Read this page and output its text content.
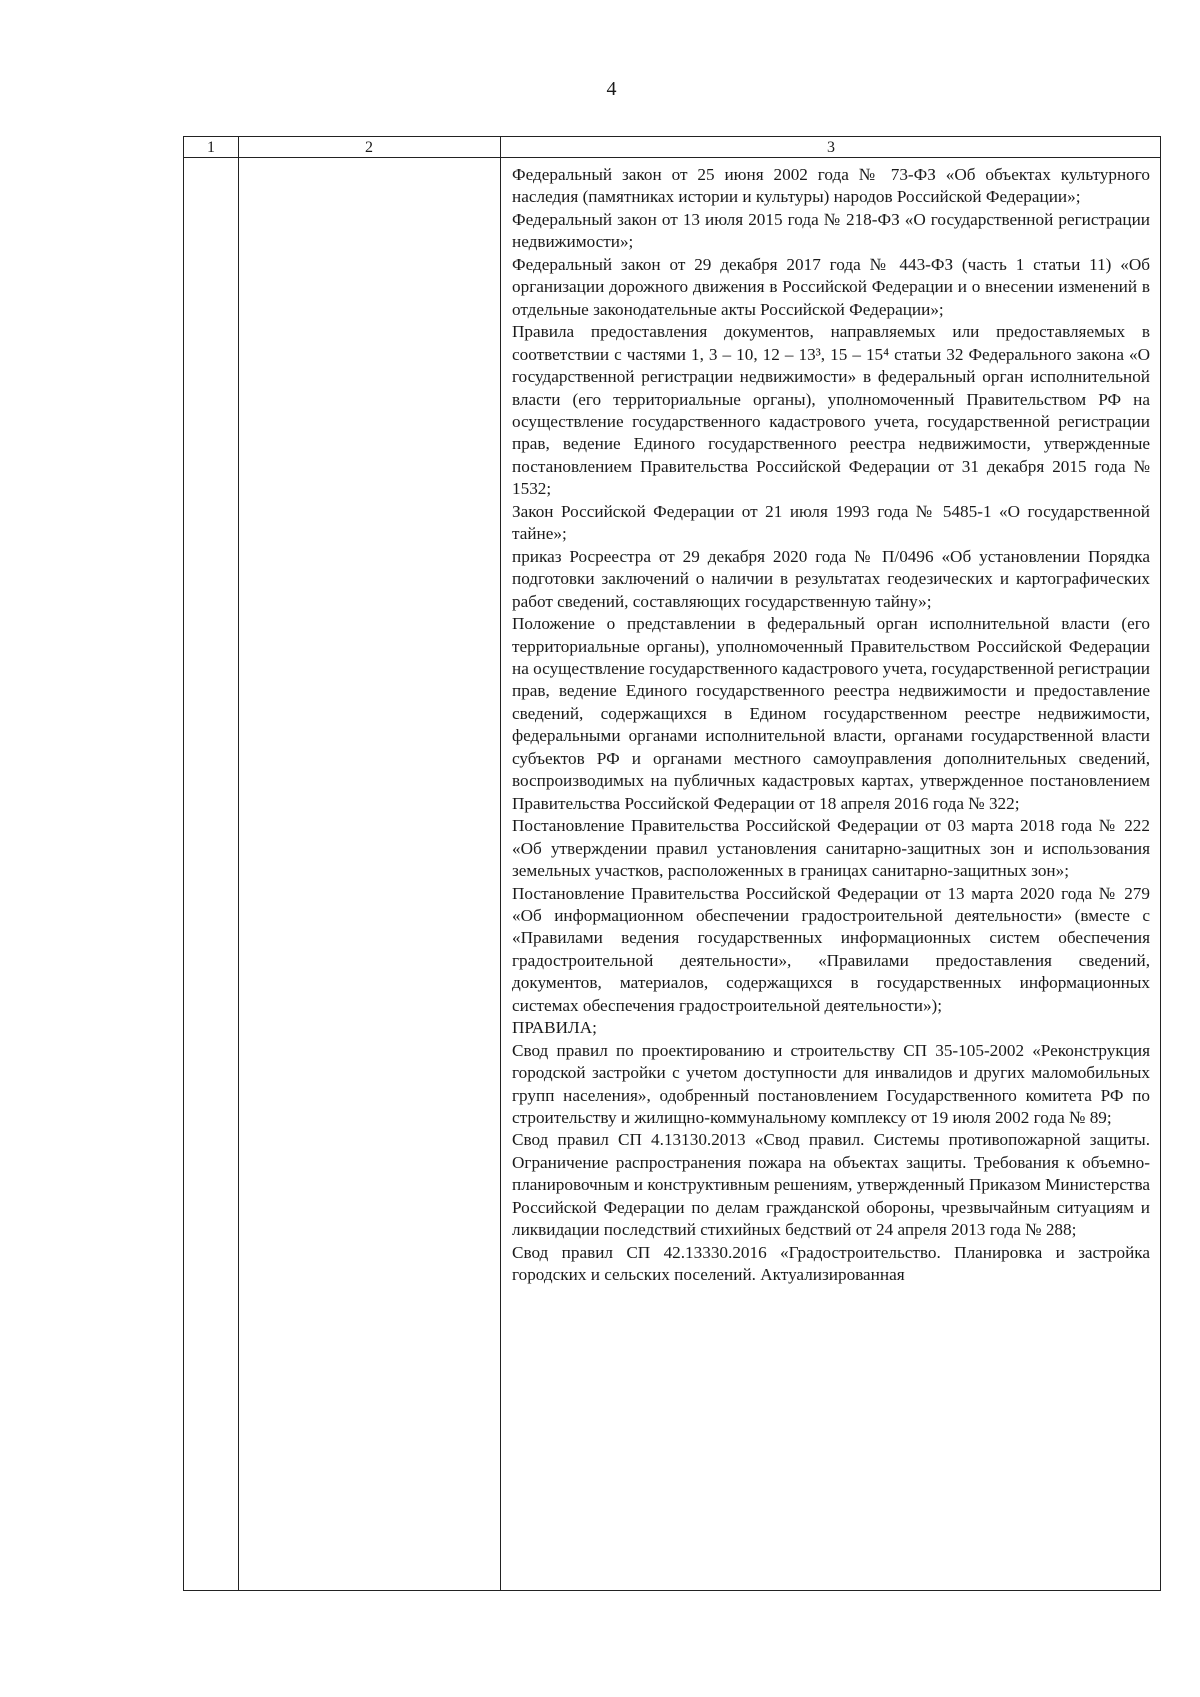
4
1	2	3

Федеральный закон от 25 июня 2002 года № 73-ФЗ «Об объектах культурного наследия (памятниках истории и культуры) народов Российской Федерации»;

Федеральный закон от 13 июля 2015 года № 218-ФЗ «О государственной регистрации недвижимости»;

Федеральный закон от 29 декабря 2017 года № 443-ФЗ (часть 1 статьи 11) «Об организации дорожного движения в Российской Федерации и о внесении изменений в отдельные законодательные акты Российской Федерации»;

Правила предоставления документов, направляемых или предоставляемых в соответствии с частями 1, 3 – 10, 12 – 13³, 15 – 15⁴ статьи 32 Федерального закона «О государственной регистрации недвижимости» в федеральный орган исполнительной власти (его территориальные органы), уполномоченный Правительством РФ на осуществление государственного кадастрового учета, государственной регистрации прав, ведение Единого государственного реестра недвижимости, утвержденные постановлением Правительства Российской Федерации от 31 декабря 2015 года № 1532;

Закон Российской Федерации от 21 июля 1993 года № 5485-1 «О государственной тайне»;

приказ Росреестра от 29 декабря 2020 года № П/0496 «Об установлении Порядка подготовки заключений о наличии в результатах геодезических и картографических работ сведений, составляющих государственную тайну»;

Положение о представлении в федеральный орган исполнительной власти (его территориальные органы), уполномоченный Правительством Российской Федерации на осуществление государственного кадастрового учета, государственной регистрации прав, ведение Единого государственного реестра недвижимости и предоставление сведений, содержащихся в Едином государственном реестре недвижимости, федеральными органами исполнительной власти, органами государственной власти субъектов РФ и органами местного самоуправления дополнительных сведений, воспроизводимых на публичных кадастровых картах, утвержденное постановлением Правительства Российской Федерации от 18 апреля 2016 года № 322;

Постановление Правительства Российской Федерации от 03 марта 2018 года № 222 «Об утверждении правил установления санитарно-защитных зон и использования земельных участков, расположенных в границах санитарно-защитных зон»;

Постановление Правительства Российской Федерации от 13 марта 2020 года № 279 «Об информационном обеспечении градостроительной деятельности» (вместе с «Правилами ведения государственных информационных систем обеспечения градостроительной деятельности», «Правилами предоставления сведений, документов, материалов, содержащихся в государственных информационных системах обеспечения градостроительной деятельности»);

ПРАВИЛА;

Свод правил по проектированию и строительству СП 35-105-2002 «Реконструкция городской застройки с учетом доступности для инвалидов и других маломобильных групп населения», одобренный постановлением Государственного комитета РФ по строительству и жилищно-коммунальному комплексу от 19 июля 2002 года № 89;

Свод правил СП 4.13130.2013 «Свод правил. Системы противопожарной защиты. Ограничение распространения пожара на объектах защиты. Требования к объемно-планировочным и конструктивным решениям, утвержденный Приказом Министерства Российской Федерации по делам гражданской обороны, чрезвычайным ситуациям и ликвидации последствий стихийных бедствий от 24 апреля 2013 года № 288;

Свод правил СП 42.13330.2016 «Градостроительство. Планировка и застройка городских и сельских поселений. Актуализированная
